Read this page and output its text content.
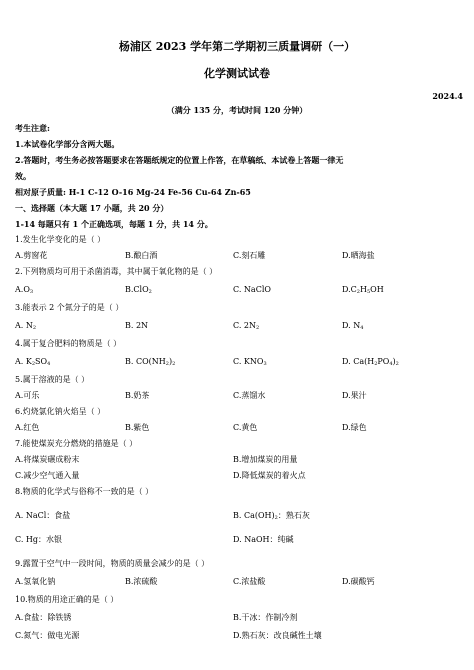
杨浦区 2023 学年第二学期初三质量调研（一）
化学测试试卷
2024.4
（满分 135 分，考试时间 120 分钟）
考生注意:
1.本试卷化学部分含两大题。
2.答题时，考生务必按答题要求在答题纸规定的位置上作答，在草稿纸、本试卷上答题一律无
效。
相对原子质量: H-1 C-12 O-16 Mg-24 Fe-56 Cu-64 Zn-65
一、选择题（本大题 17 小题，共 20 分）
1-14 每题只有 1 个正确选项，每题 1 分，共 14 分。
1.发生化学变化的是（ ）
A.剪窗花	B.酿白酒	C.刻石雕	D.晒海盐
2.下列物质均可用于杀菌消毒，其中属于氧化物的是（ ）
$A.O_3$	B.ClO$_2$	C. NaClO	$D.C_2H_5OH$
3.能表示 2 个氮分子的是（ ）
A. $N_2$	B. 2N	C. $2N_2$	D. $N_4$
4.属于复合肥料的物质是（ ）
A. $K_2SO_4$	B. $CO(NH_2)_2$	C. $KNO_3$	D. $Ca(H_2PO_4)_2$
5.属于溶液的是（ ）
A.可乐	B.奶茶	C.蒸馏水	D.果汁
6.灼烧氯化钠火焰呈（ ）
A.红色	B.紫色	C.黄色	D.绿色
7.能使煤炭充分燃烧的措施是（ ）
A.将煤炭碾成粉末	B.增加煤炭的用量
C.减少空气通入量	D.降低煤炭的着火点
8.物质的化学式与俗称不一致的是（ ）
A. NaCl：食盐	B. $Ca(OH)_2$：熟石灰
C. Hg：水银	D. NaOH：纯碱
9.露置于空气中一段时间，物质的质量会减少的是（ ）
A.氢氧化钠	B.浓硫酸	C.浓盐酸	D.碳酸钙
10.物质的用途正确的是（ ）
A.食盐：除铁锈	B.干冰：作制冷剂
C.氮气：做电光源	D.熟石灰：改良碱性土壤
